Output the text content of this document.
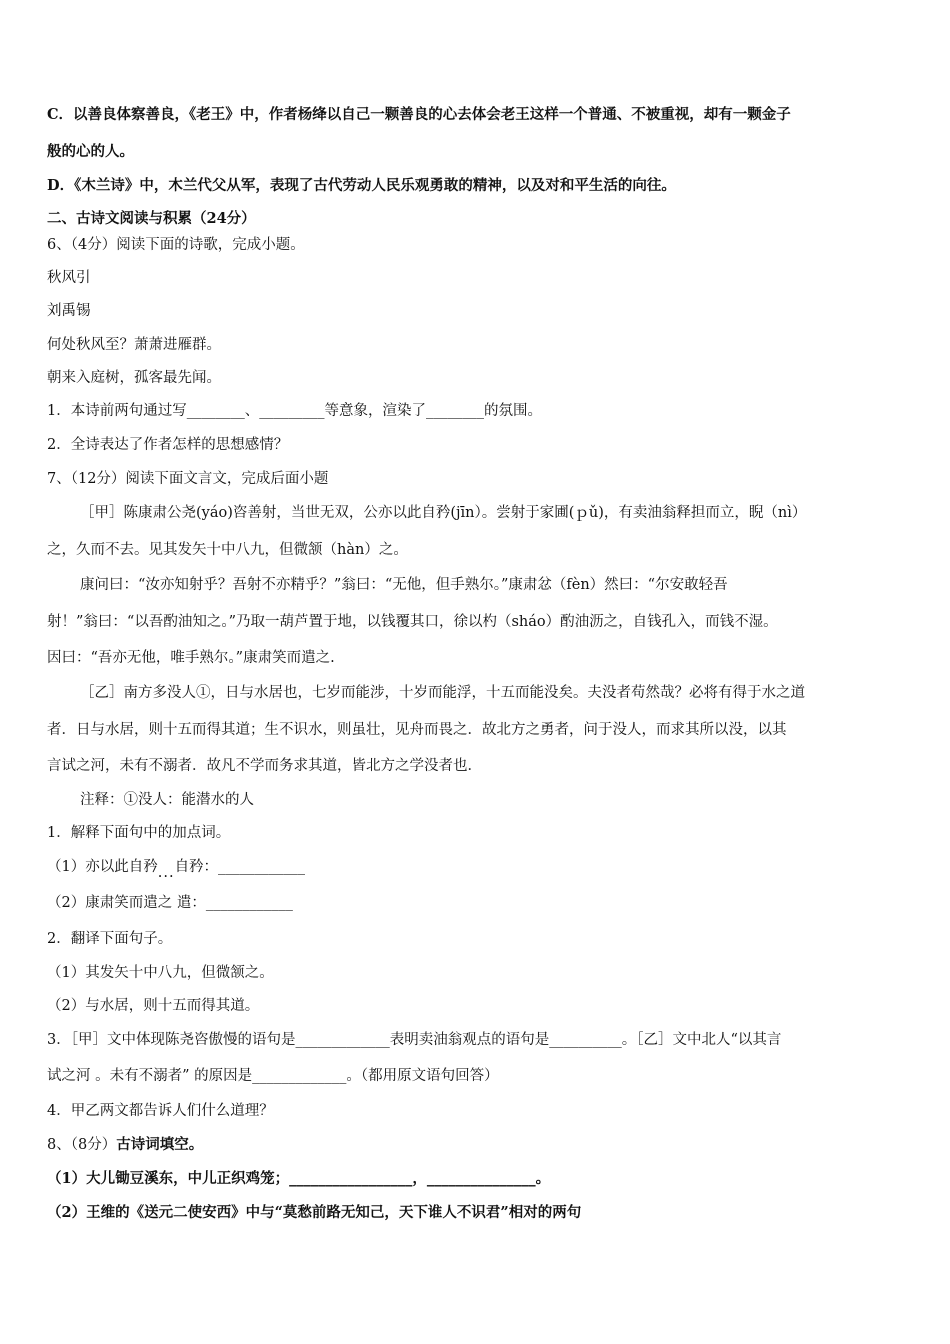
C．以善良体察善良，《老王》中，作者杨绛以自己一颗善良的心去体会老王这样一个普通、不被重视，却有一颗金子
般的心的人。
D．《木兰诗》中，木兰代父从军，表现了古代劳动人民乐观勇敢的精神，以及对和平生活的向往。
二、古诗文阅读与积累（24分）
6、（4分）阅读下面的诗歌，完成小题。
秋风引
刘禹锡
何处秋风至？萧萧进雁群。
朝来入庭树，孤客最先闻。
1．本诗前两句通过写________、_________等意象，渲染了________的氛围。
2．全诗表达了作者怎样的思想感情？
7、（12分）阅读下面文言文，完成后面小题
［甲］陈康肃公尧(yáo)咨善射，当世无双，公亦以此自矜(jīn）。尝射于家圃(ｐǔ)，有卖油翁释担而立，睨（nì）
之，久而不去。见其发矢十中八九，但微颔（hàn）之。
康问曰：“汝亦知射乎？吾射不亦精乎？”翁曰：“无他，但手熟尔。”康肃忿（fèn）然曰：“尔安敢轻吾
射！”翁曰：“以吾酌油知之。”乃取一葫芦置于地，以钱覆其口，徐以杓（sháo）酌油沥之，自钱孔入，而钱不湿。
因曰：“吾亦无他，唯手熟尔。”康肃笑而遣之.
［乙］南方多没人①，日与水居也，七岁而能涉，十岁而能浮，十五而能没矣。夫没者苟然哉？必将有得于水之道
者．日与水居，则十五而得其道；生不识水，则虽壮，见舟而畏之．故北方之勇者，问于没人，而求其所以没，以其
言试之河，未有不溺者．故凡不学而务求其道，皆北方之学没者也．
注释：①没人：能潜水的人
1．解释下面句中的加点词。
（1）亦以此自矜...自矜：____________
（2）康肃笑而遣之 遣：____________
2．翻译下面句子。
（1）其发矢十中八九，但微颔之。
（2）与水居，则十五而得其道。
3．［甲］文中体现陈尧咨傲慢的语句是_____________表明卖油翁观点的语句是__________。［乙］文中北人“以其言
试之河 。未有不溺者” 的原因是_____________。（都用原文语句回答）
4．甲乙两文都告诉人们什么道理？
8、（8分）古诗词填空。
（1）大儿锄豆溪东，中儿正织鸡笼；_________________，_______________。
（2）王维的《送元二使安西》中与“莫愁前路无知己，天下谁人不识君”相对的两句
